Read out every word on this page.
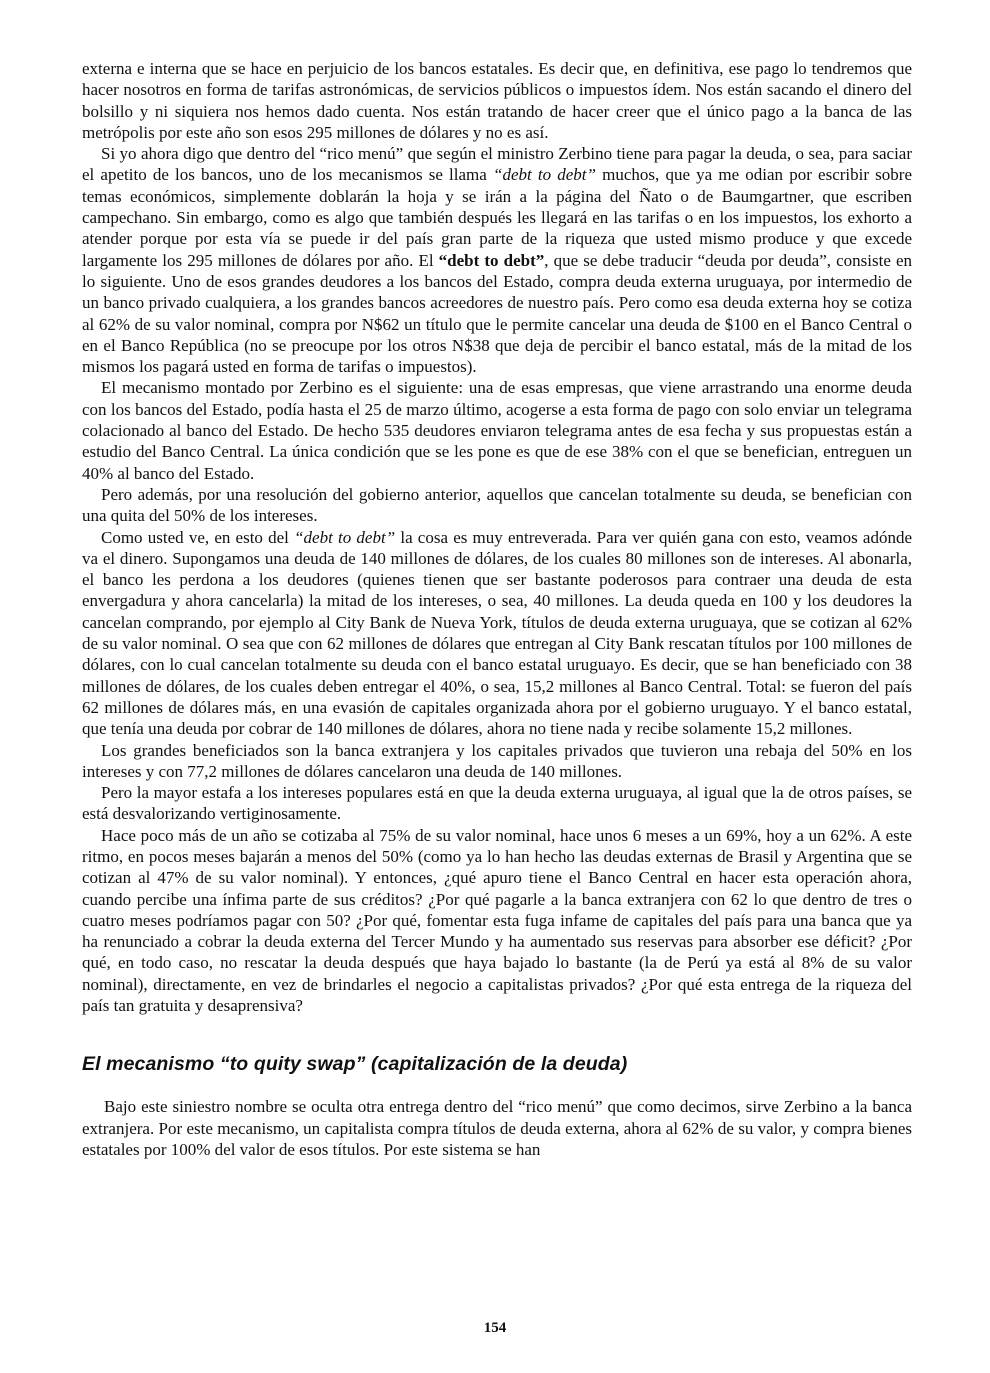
externa e interna que se hace en perjuicio de los bancos estatales. Es decir que, en definitiva, ese pago lo tendremos que hacer nosotros en forma de tarifas astronómicas, de servicios públicos o impuestos ídem. Nos están sacando el dinero del bolsillo y ni siquiera nos hemos dado cuenta. Nos están tratando de hacer creer que el único pago a la banca de las metrópolis por este año son esos 295 millones de dólares y no es así.

Si yo ahora digo que dentro del “rico menú” que según el ministro Zerbino tiene para pagar la deuda, o sea, para saciar el apetito de los bancos, uno de los mecanismos se llama “debt to debt” muchos, que ya me odian por escribir sobre temas económicos, simplemente doblarán la hoja y se irán a la página del Ñato o de Baumgartner, que escriben campechano. Sin embargo, como es algo que también después les llegará en las tarifas o en los impuestos, los exhorto a atender porque por esta vía se puede ir del país gran parte de la riqueza que usted mismo produce y que excede largamente los 295 millones de dólares por año. El “debt to debt”, que se debe traducir “deuda por deuda”, consiste en lo siguiente. Uno de esos grandes deudores a los bancos del Estado, compra deuda externa uruguaya, por intermedio de un banco privado cualquiera, a los grandes bancos acreedores de nuestro país. Pero como esa deuda externa hoy se cotiza al 62% de su valor nominal, compra por N$62 un título que le permite cancelar una deuda de $100 en el Banco Central o en el Banco República (no se preocupe por los otros N$38 que deja de percibir el banco estatal, más de la mitad de los mismos los pagará usted en forma de tarifas o impuestos).

El mecanismo montado por Zerbino es el siguiente: una de esas empresas, que viene arrastrando una enorme deuda con los bancos del Estado, podía hasta el 25 de marzo último, acogerse a esta forma de pago con solo enviar un telegrama colacionado al banco del Estado. De hecho 535 deudores enviaron telegrama antes de esa fecha y sus propuestas están a estudio del Banco Central. La única condición que se les pone es que de ese 38% con el que se benefician, entreguen un 40% al banco del Estado.

Pero además, por una resolución del gobierno anterior, aquellos que cancelan totalmente su deuda, se benefician con una quita del 50% de los intereses.

Como usted ve, en esto del “debt to debt” la cosa es muy entreverada. Para ver quién gana con esto, veamos adónde va el dinero. Supongamos una deuda de 140 millones de dólares, de los cuales 80 millones son de intereses. Al abonarla, el banco les perdona a los deudores (quienes tienen que ser bastante poderosos para contraer una deuda de esta envergadura y ahora cancelarla) la mitad de los intereses, o sea, 40 millones. La deuda queda en 100 y los deudores la cancelan comprando, por ejemplo al City Bank de Nueva York, títulos de deuda externa uruguaya, que se cotizan al 62% de su valor nominal. O sea que con 62 millones de dólares que entregan al City Bank rescatan títulos por 100 millones de dólares, con lo cual cancelan totalmente su deuda con el banco estatal uruguayo. Es decir, que se han beneficiado con 38 millones de dólares, de los cuales deben entregar el 40%, o sea, 15,2 millones al Banco Central. Total: se fueron del país 62 millones de dólares más, en una evasión de capitales organizada ahora por el gobierno uruguayo. Y el banco estatal, que tenía una deuda por cobrar de 140 millones de dólares, ahora no tiene nada y recibe solamente 15,2 millones.

Los grandes beneficiados son la banca extranjera y los capitales privados que tuvieron una rebaja del 50% en los intereses y con 77,2 millones de dólares cancelaron una deuda de 140 millones.

Pero la mayor estafa a los intereses populares está en que la deuda externa uruguaya, al igual que la de otros países, se está desvalorizando vertiginosamente.

Hace poco más de un año se cotizaba al 75% de su valor nominal, hace unos 6 meses a un 69%, hoy a un 62%. A este ritmo, en pocos meses bajarán a menos del 50% (como ya lo han hecho las deudas externas de Brasil y Argentina que se cotizan al 47% de su valor nominal). Y entonces, ¿qué apuro tiene el Banco Central en hacer esta operación ahora, cuando percibe una ínfima parte de sus créditos? ¿Por qué pagarle a la banca extranjera con 62 lo que dentro de tres o cuatro meses podríamos pagar con 50? ¿Por qué, fomentar esta fuga infame de capitales del país para una banca que ya ha renunciado a cobrar la deuda externa del Tercer Mundo y ha aumentado sus reservas para absorber ese déficit? ¿Por qué, en todo caso, no rescatar la deuda después que haya bajado lo bastante (la de Perú ya está al 8% de su valor nominal), directamente, en vez de brindarles el negocio a capitalistas privados? ¿Por qué esta entrega de la riqueza del país tan gratuita y desaprensiva?

El mecanismo “to quity swap” (capitalización de la deuda)

Bajo este siniestro nombre se oculta otra entrega dentro del “rico menú” que como decimos, sirve Zerbino a la banca extranjera. Por este mecanismo, un capitalista compra títulos de deuda externa, ahora al 62% de su valor, y compra bienes estatales por 100% del valor de esos títulos. Por este sistema se han

154
